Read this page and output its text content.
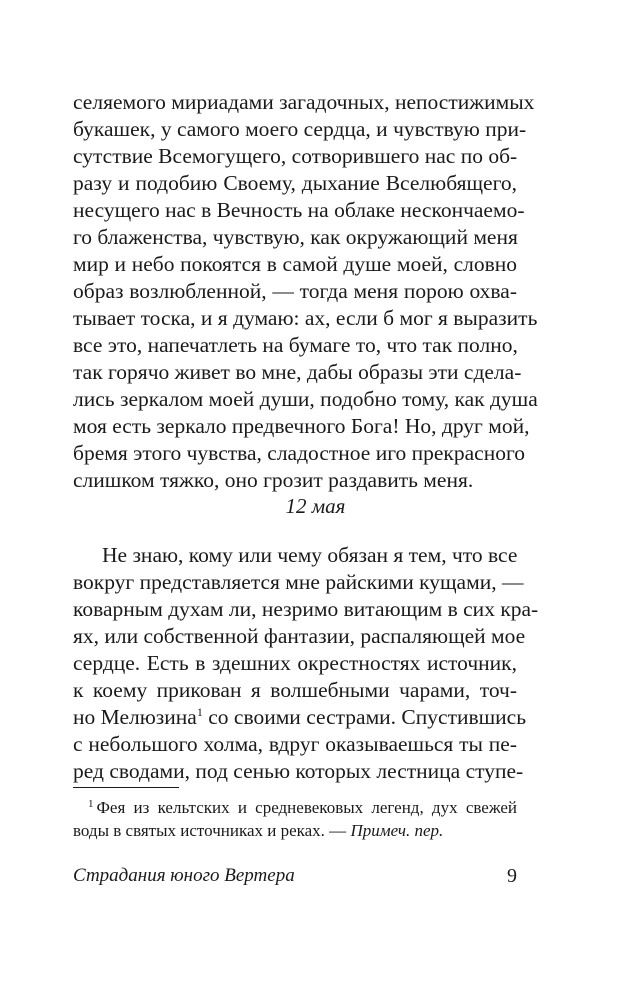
селяемого мириадами загадочных, непостижимых
букашек, у самого моего сердца, и чувствую при-
сутствие Всемогущего, сотворившего нас по об-
разу и подобию Своему, дыхание Вселюбящего,
несущего нас в Вечность на облаке нескончаемо-
го блаженства, чувствую, как окружающий меня
мир и небо покоятся в самой душе моей, словно
образ возлюбленной, — тогда меня порою охва-
тывает тоска, и я думаю: ах, если б мог я выразить
все это, напечатлеть на бумаге то, что так полно,
так горячо живет во мне, дабы образы эти сдела-
лись зеркалом моей души, подобно тому, как душа
моя есть зеркало предвечного Бога! Но, друг мой,
бремя этого чувства, сладостное иго прекрасного
слишком тяжко, оно грозит раздавить меня.
12 мая
Не знаю, кому или чему обязан я тем, что все
вокруг представляется мне райскими кущами, —
коварным духам ли, незримо витающим в сих кра-
ях, или собственной фантазии, распаляющей мое
сердце. Есть в здешних окрестностях источник,
к коему прикован я волшебными чарами, точ-
но Мелюзина$^1$ со своими сестрами. Спустившись
с небольшого холма, вдруг оказываешься ты пе-
ред сводами, под сенью которых лестница ступе-
$^1$ Фея из кельтских и средневековых легенд, дух свежей
воды в святых источниках и реках. — Примеч. пер.
Страдания юного Вертера	9
